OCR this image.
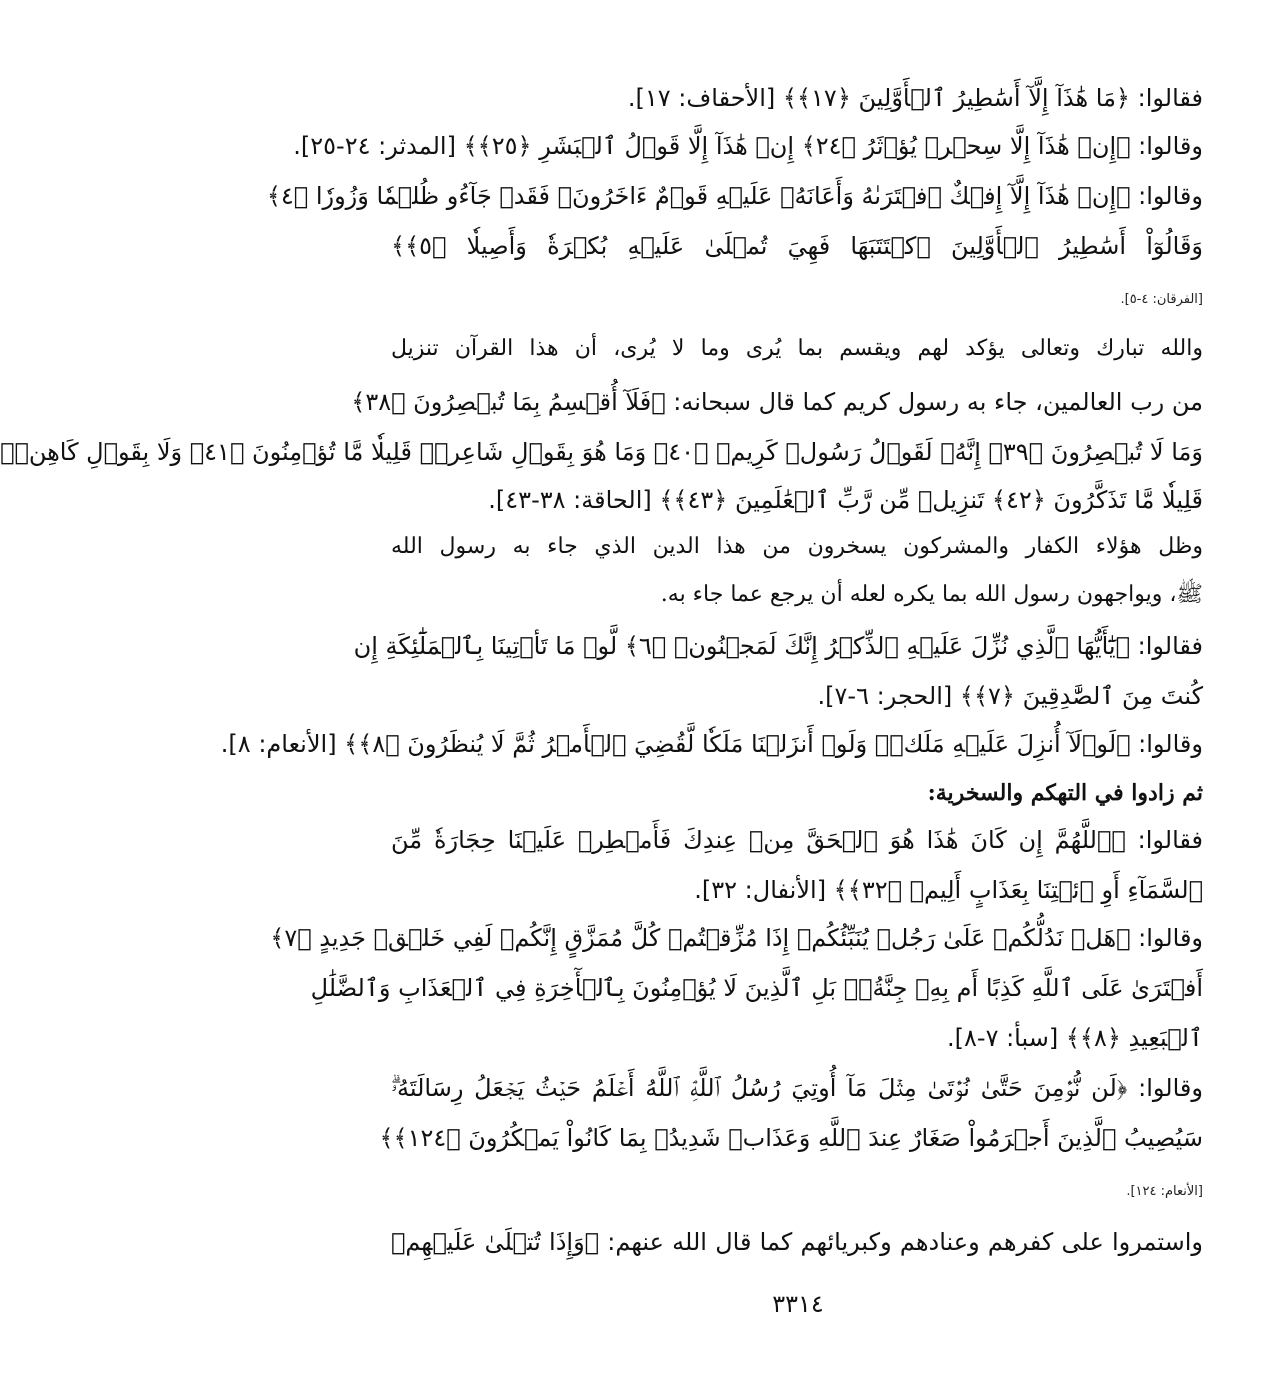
فقالوا: ﴿مَا هَٰذَآ إِلَّآ أَسَٰطِيرُ ٱلۡأَوَّلِينَ ﴿١٧﴾﴾ [الأحقاف: ١٧].
وقالوا: ﴿إِنۡ هَٰذَآ إِلَّا سِحۡرٞ يُؤۡثَرُ ﴿٢٤﴾ إِنۡ هَٰذَآ إِلَّا قَوۡلُ ٱلۡبَشَرِ ﴿٢٥﴾﴾ [المدثر: ٢٤-٢٥].
وقالوا: ﴿إِنۡ هَٰذَآ إِلَّآ إِفۡكٌ ٱفۡتَرَىٰهُ وَأَعَانَهُۥ عَلَيۡهِ قَوۡمٌ ءَاخَرُونَۖ فَقَدۡ جَآءُو ظُلۡمٗا وَزُورٗا ﴿٤﴾
وَقَالُوٓاْ أَسَٰطِيرُ ٱلۡأَوَّلِينَ ٱكۡتَتَبَهَا فَهِيَ تُمۡلَىٰ عَلَيۡهِ بُكۡرَةٗ وَأَصِيلٗا ﴿٥﴾﴾
[الفرقان: ٤-٥].
والله تبارك وتعالى يؤكد لهم ويقسم بما يُرى وما لا يُرى، أن هذا القرآن تنزيل
من رب العالمين، جاء به رسول كريم كما قال سبحانه: ﴿فَلَآ أُقۡسِمُ بِمَا تُبۡصِرُونَ ﴿٣٨﴾
وَمَا لَا تُبۡصِرُونَ ﴿٣٩﴾ إِنَّهُۥ لَقَوۡلُ رَسُولٖ كَرِيمٖ ﴿٤٠﴾ وَمَا هُوَ بِقَوۡلِ شَاعِرٖۚ قَلِيلٗا مَّا تُؤۡمِنُونَ ﴿٤١﴾ وَلَا بِقَوۡلِ كَاهِنٖۚ
قَلِيلٗا مَّا تَذَكَّرُونَ ﴿٤٢﴾ تَنزِيلٞ مِّن رَّبِّ ٱلۡعَٰلَمِينَ ﴿٤٣﴾﴾ [الحاقة: ٣٨-٤٣].
وظل هؤلاء الكفار والمشركون يسخرون من هذا الدين الذي جاء به رسول الله
ﷺ، ويواجهون رسول الله بما يكره لعله أن يرجع عما جاء به.
فقالوا: ﴿يَٰٓأَيُّهَا ٱلَّذِي نُزِّلَ عَلَيۡهِ ٱلذِّكۡرُ إِنَّكَ لَمَجۡنُونٞ ﴿٦﴾ لَّوۡ مَا تَأۡتِينَا بِٱلۡمَلَٰٓئِكَةِ إِن
كُنتَ مِنَ ٱلصَّٰدِقِينَ ﴿٧﴾﴾ [الحجر: ٦-٧].
وقالوا: ﴿لَوۡلَآ أُنزِلَ عَلَيۡهِ مَلَكٞۖ وَلَوۡ أَنزَلۡنَا مَلَكٗا لَّقُضِيَ ٱلۡأَمۡرُ ثُمَّ لَا يُنظَرُونَ ﴿٨﴾﴾ [الأنعام: ٨].
ثم زادوا في التهكم والسخرية:
فقالوا: ﴿ٱللَّهُمَّ إِن كَانَ هَٰذَا هُوَ ٱلۡحَقَّ مِنۡ عِندِكَ فَأَمۡطِرۡ عَلَيۡنَا حِجَارَةٗ مِّنَ
ٱلسَّمَآءِ أَوِ ٱئۡتِنَا بِعَذَابٍ أَلِيمٖ ﴿٣٢﴾﴾ [الأنفال: ٣٢].
وقالوا: ﴿هَلۡ نَدُلُّكُمۡ عَلَىٰ رَجُلٖ يُنَبِّئُكُمۡ إِذَا مُزِّقۡتُمۡ كُلَّ مُمَزَّقٍ إِنَّكُمۡ لَفِي خَلۡقٖ جَدِيدٍ ﴿٧﴾
أَفۡتَرَىٰ عَلَى ٱللَّهِ كَذِبًا أَم بِهِۦ جِنَّةُۢۗ بَلِ ٱلَّذِينَ لَا يُؤۡمِنُونَ بِٱلۡأٓخِرَةِ فِي ٱلۡعَذَابِ وَٱلضَّلَٰلِ
ٱلۡبَعِيدِ ﴿٨﴾﴾ [سبأ: ٧-٨].
وقالوا: ﴿لَن نُّؤۡمِنَ حَتَّىٰ نُؤۡتَىٰ مِثۡلَ مَآ أُوتِيَ رُسُلُ ٱللَّهِۘ ٱللَّهُ أَعۡلَمُ حَيۡثُ يَجۡعَلُ رِسَالَتَهُۥۗ
سَيُصِيبُ ٱلَّذِينَ أَجۡرَمُواْ صَغَارٌ عِندَ ٱللَّهِ وَعَذَابٞ شَدِيدُۢ بِمَا كَانُواْ يَمۡكُرُونَ ﴿١٢٤﴾﴾
[الأنعام: ١٢٤].
واستمروا على كفرهم وعنادهم وكبريائهم كما قال الله عنهم: ﴿وَإِذَا تُتۡلَىٰ عَلَيۡهِمۡ
٣٣١٤
